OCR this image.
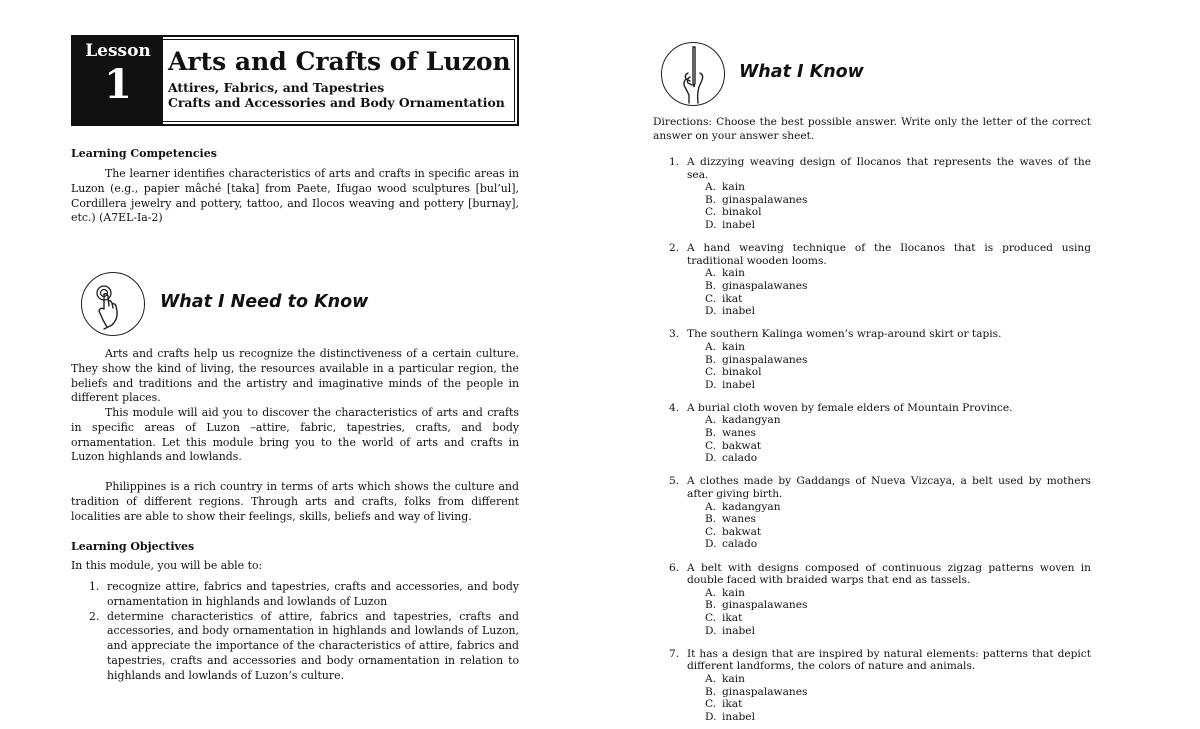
Lesson
1 Arts and Crafts of Luzon
Attires, Fabrics, and Tapestries
Crafts and Accessories and Body Ornamentation
Learning Competencies
The learner identifies characteristics of arts and crafts in specific areas in Luzon (e.g., papier mâché [taka] from Paete, Ifugao wood sculptures [bul’ul], Cordillera jewelry and pottery, tattoo, and Ilocos weaving and pottery [burnay], etc.) (A7EL-Ia-2)
What I Need to Know
Arts and crafts help us recognize the distinctiveness of a certain culture. They show the kind of living, the resources available in a particular region, the beliefs and traditions and the artistry and imaginative minds of the people in different places.
This module will aid you to discover the characteristics of arts and crafts in specific areas of Luzon –attire, fabric, tapestries, crafts, and body ornamentation. Let this module bring you to the world of arts and crafts in Luzon highlands and lowlands.
Philippines is a rich country in terms of arts which shows the culture and tradition of different regions. Through arts and crafts, folks from different localities are able to show their feelings, skills, beliefs and way of living.
Learning Objectives
In this module, you will be able to:
1. recognize attire, fabrics and tapestries, crafts and accessories, and body ornamentation in highlands and lowlands of Luzon
2. determine characteristics of attire, fabrics and tapestries, crafts and accessories, and body ornamentation in highlands and lowlands of Luzon, and appreciate the importance of the characteristics of attire, fabrics and tapestries, crafts and accessories and body ornamentation in relation to highlands and lowlands of Luzon’s culture.
What I Know
Directions: Choose the best possible answer. Write only the letter of the correct answer on your answer sheet.
1. A dizzying weaving design of Ilocanos that represents the waves of the sea.
A. kain
B. ginaspalawanes
C. binakol
D. inabel
2. A hand weaving technique of the Ilocanos that is produced using traditional wooden looms.
A. kain
B. ginaspalawanes
C. ikat
D. inabel
3. The southern Kalinga women’s wrap-around skirt or tapis.
A. kain
B. ginaspalawanes
C. binakol
D. inabel
4. A burial cloth woven by female elders of Mountain Province.
A. kadangyan
B. wanes
C. bakwat
D. calado
5. A clothes made by Gaddangs of Nueva Vizcaya, a belt used by mothers after giving birth.
A. kadangyan
B. wanes
C. bakwat
D. calado
6. A belt with designs composed of continuous zigzag patterns woven in double faced with braided warps that end as tassels.
A. kain
B. ginaspalawanes
C. ikat
D. inabel
7. It has a design that are inspired by natural elements: patterns that depict different landforms, the colors of nature and animals.
A. kain
B. ginaspalawanes
C. ikat
D. inabel
